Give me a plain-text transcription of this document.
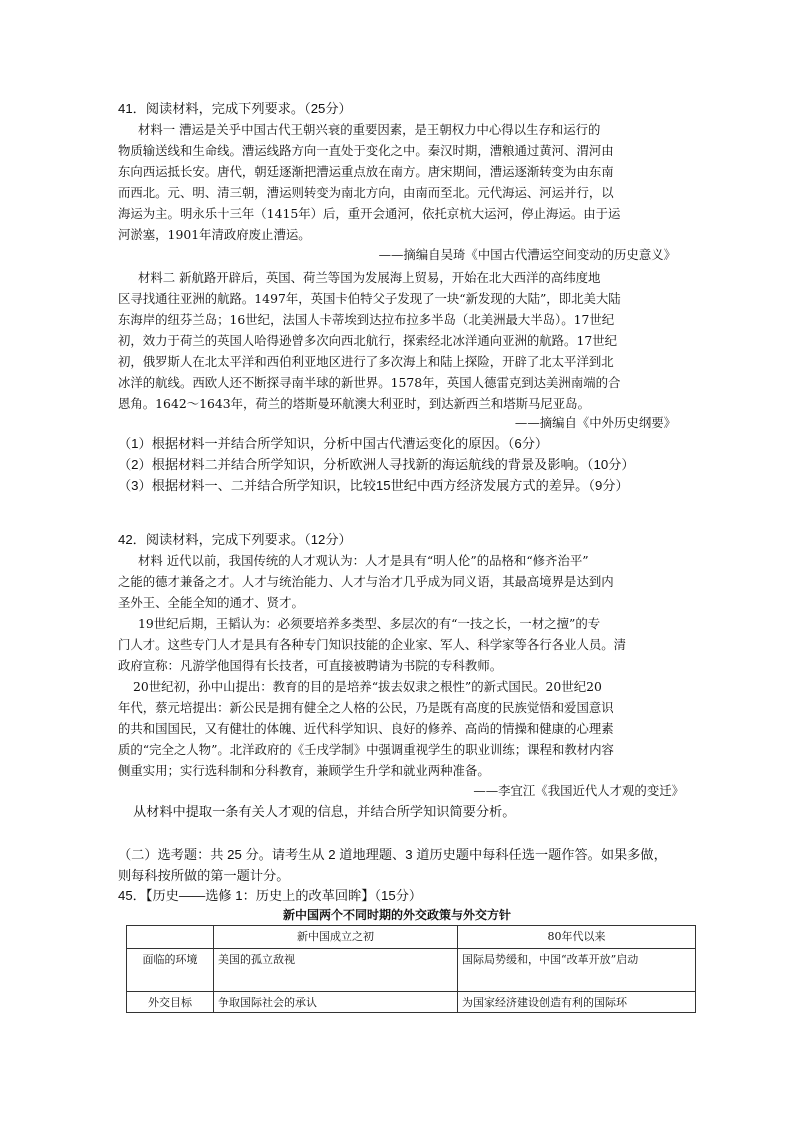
41．阅读材料，完成下列要求。（25分）
材料一 漕运是关乎中国古代王朝兴衰的重要因素，是王朝权力中心得以生存和运行的
物质输送线和生命线。漕运线路方向一直处于变化之中。秦汉时期，漕粮通过黄河、渭河由
东向西运抵长安。唐代，朝廷逐渐把漕运重点放在南方。唐宋期间，漕运逐渐转变为由东南
而西北。元、明、清三朝，漕运则转变为南北方向，由南而至北。元代海运、河运并行，以
海运为主。明永乐十三年（1415年）后，重开会通河，依托京杭大运河，停止海运。由于运
河淤塞，1901年清政府废止漕运。
——摘编自吴琦《中国古代漕运空间变动的历史意义》
材料二 新航路开辟后，英国、荷兰等国为发展海上贸易，开始在北大西洋的高纬度地
区寻找通往亚洲的航路。1497年，英国卡伯特父子发现了一块“新发现的大陆”，即北美大陆
东海岸的纽芬兰岛；16世纪，法国人卡蒂埃到达拉布拉多半岛（北美洲最大半岛）。17世纪
初，效力于荷兰的英国人哈得逊曾多次向西北航行，探索经北冰洋通向亚洲的航路。17世纪
初，俄罗斯人在北太平洋和西伯利亚地区进行了多次海上和陆上探险，开辟了北太平洋到北
冰洋的航线。西欧人还不断探寻南半球的新世界。1578年，英国人德雷克到达美洲南端的合
恩角。1642～1643年，荷兰的塔斯曼环航澳大利亚时，到达新西兰和塔斯马尼亚岛。
——摘编自《中外历史纲要》
（1）根据材料一并结合所学知识，分析中国古代漕运变化的原因。（6分）
（2）根据材料二并结合所学知识，分析欧洲人寻找新的海运航线的背景及影响。（10分）
（3）根据材料一、二并结合所学知识，比较15世纪中西方经济发展方式的差异。（9分）
42．阅读材料，完成下列要求。（12分）
材料 近代以前，我国传统的人才观认为：人才是具有“明人伦”的品格和“修齐治平”
之能的德才兼备之才。人才与统治能力、人才与治才几乎成为同义语，其最高境界是达到内
圣外王、全能全知的通才、贤才。
19世纪后期，王韬认为：必须要培养多类型、多层次的有“一技之长，一材之擅”的专
门人才。这些专门人才是具有各种专门知识技能的企业家、军人、科学家等各行各业人员。清
政府宣称：凡游学他国得有长技者，可直接被聘请为书院的专科教师。
20世纪初，孙中山提出：教育的目的是培养“拔去奴隶之根性”的新式国民。20世纪20
年代，蔡元培提出：新公民是拥有健全之人格的公民，乃是既有高度的民族觉悟和爱国意识
的共和国国民，又有健壮的体魄、近代科学知识、良好的修养、高尚的情操和健康的心理素
质的“完全之人物”。北洋政府的《壬戌学制》中强调重视学生的职业训练；课程和教材内容
侧重实用；实行选科制和分科教育，兼顾学生升学和就业两种准备。
——李宜江《我国近代人才观的变迁》
从材料中提取一条有关人才观的信息，并结合所学知识简要分析。
（二）选考题：共 25 分。请考生从 2 道地理题、3 道历史题中每科任选一题作答。如果多做，
则每科按所做的第一题计分。
45．【历史——选修 1：历史上的改革回眸】（15分）
新中国两个不同时期的外交政策与外交方针
	新中国成立之初	80年代以来
面临的环境	美国的孤立敌视	国际局势缓和，中国“改革开放”启动
外交目标	争取国际社会的承认	为国家经济建设创造有利的国际环
